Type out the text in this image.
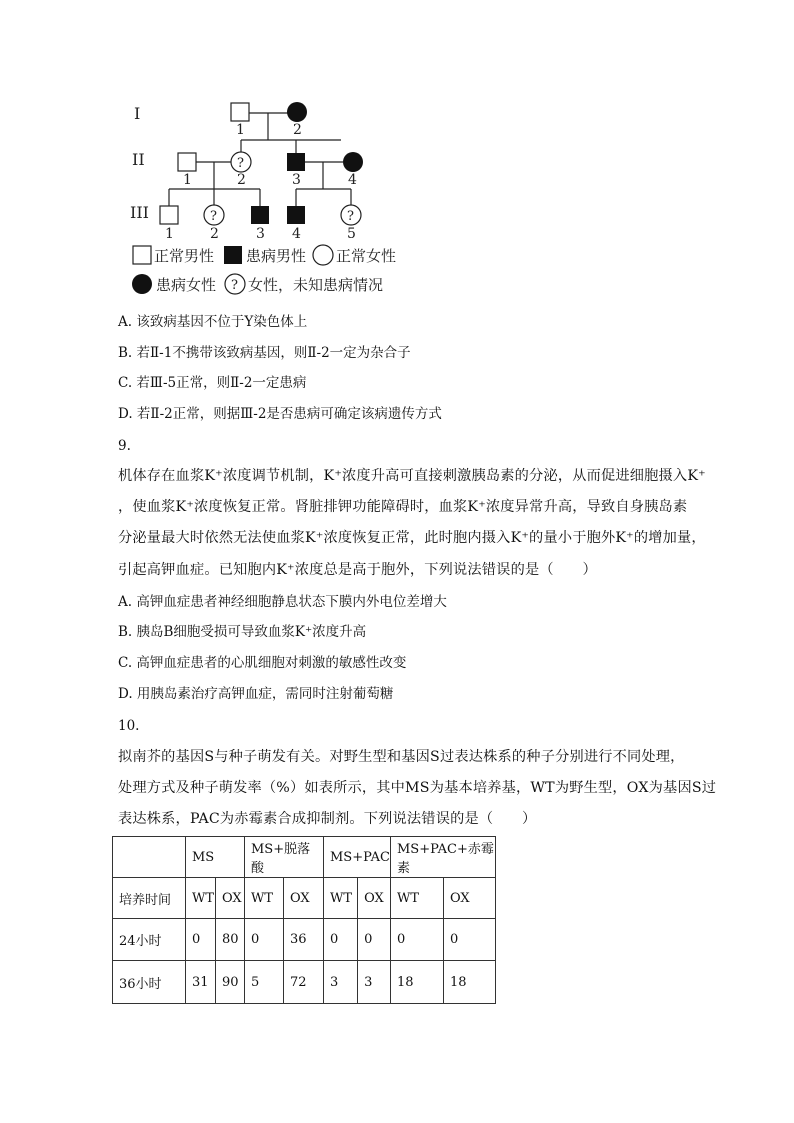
I
II
III
1	2
?
1	2	3	4
?	?
1	2	3 4	5
正常男性 患病男性 正常女性
患病女性 ? 女性，未知患病情况
A. 该致病基因不位于Y染色体上
B. 若Ⅱ-1不携带该致病基因，则Ⅱ-2一定为杂合子
C. 若Ⅲ-5正常，则Ⅱ-2一定患病
D. 若Ⅱ-2正常，则据Ⅲ-2是否患病可确定该病遗传方式
9.
机体存在血浆K⁺浓度调节机制，K⁺浓度升高可直接刺激胰岛素的分泌，从而促进细胞摄入K⁺
，使血浆K⁺浓度恢复正常。肾脏排钾功能障碍时，血浆K⁺浓度异常升高，导致自身胰岛素
分泌量最大时依然无法使血浆K⁺浓度恢复正常，此时胞内摄入K⁺的量小于胞外K⁺的增加量，
引起高钾血症。已知胞内K⁺浓度总是高于胞外，下列说法错误的是（　　）
A. 高钾血症患者神经细胞静息状态下膜内外电位差增大
B. 胰岛B细胞受损可导致血浆K⁺浓度升高
C. 高钾血症患者的心肌细胞对刺激的敏感性改变
D. 用胰岛素治疗高钾血症，需同时注射葡萄糖
10.
拟南芥的基因S与种子萌发有关。对野生型和基因S过表达株系的种子分别进行不同处理，
处理方式及种子萌发率（%）如表所示，其中MS为基本培养基，WT为野生型，OX为基因S过
表达株系，PAC为赤霉素合成抑制剂。下列说法错误的是（　　）
	MS		MS+脱落酸		MS+PAC		MS+PAC+赤霉素	
培养时间	WT	OX	WT	OX	WT	OX	WT	OX
24小时	0	80	0	36	0	0	0	0
36小时	31	90	5	72	3	3	18	18
